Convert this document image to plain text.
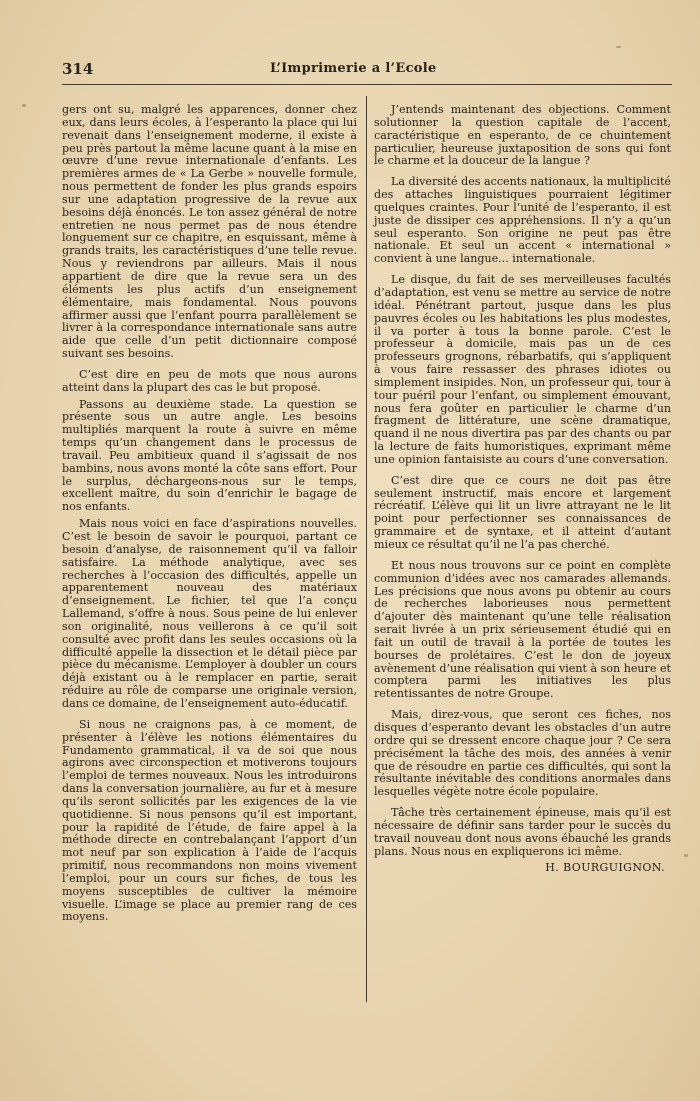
314	L’Imprimerie a l’Ecole

gers ont su, malgré les apparences, donner chez eux, dans leurs écoles, à l’esperanto la place qui lui revenait dans l’enseignement moderne, il existe à peu près partout la même lacune quant à la mise en œuvre d’une revue internationale d’enfants. Les premières armes de « La Gerbe » nouvelle formule, nous permettent de fonder les plus grands espoirs sur une adaptation progressive de la revue aux besoins déjà énoncés. Le ton assez général de notre entretien ne nous permet pas de nous étendre longuement sur ce chapitre, en esquissant, même à grands traits, les caractéristiques d’une telle revue. Nous y reviendrons par ailleurs. Mais il nous appartient de dire que la revue sera un des éléments les plus actifs d’un enseignement élémentaire, mais fondamental. Nous pouvons affirmer aussi que l’enfant pourra parallèlement se livrer à la correspondance internationale sans autre aide que celle d’un petit dictionnaire composé suivant ses besoins.

C’est dire en peu de mots que nous aurons atteint dans la plupart des cas le but proposé.

Passons au deuxième stade. La question se présente sous un autre angle. Les besoins multipliés marquent la route à suivre en même temps qu’un changement dans le processus de travail. Peu ambitieux quand il s’agissait de nos bambins, nous avons monté la côte sans effort. Pour le surplus, déchargeons-nous sur le temps, excellent maître, du soin d’enrichir le bagage de nos enfants.

Mais nous voici en face d’aspirations nouvelles. C’est le besoin de savoir le pourquoi, partant ce besoin d’analyse, de raisonnement qu’il va falloir satisfaire. La méthode analytique, avec ses recherches à l’occasion des difficultés, appelle un apparentement nouveau des matériaux d’enseignement. Le fichier, tel que l’a conçu Lallemand, s’offre à nous. Sous peine de lui enlever son originalité, nous veillerons à ce qu’il soit consulté avec profit dans les seules occasions où la difficulté appelle la dissection et le détail pièce par pièce du mécanisme. L’employer à doubler un cours déjà existant ou à le remplacer en partie, serait réduire au rôle de comparse une originale version, dans ce domaine, de l’enseignement auto-éducatif.

Si nous ne craignons pas, à ce moment, de présenter à l’élève les notions élémentaires du Fundamento grammatical, il va de soi que nous agirons avec circonspection et motiverons toujours l’emploi de termes nouveaux. Nous les introduirons dans la conversation journalière, au fur et à mesure qu’ils seront sollicités par les exigences de la vie quotidienne. Si nous pensons qu’il est important, pour la rapidité de l’étude, de faire appel à la méthode directe en contrebalançant l’apport d’un mot neuf par son explication à l’aide de l’acquis primitif, nous recommandons non moins vivement l’emploi, pour un cours sur fiches, de tous les moyens susceptibles de cultiver la mémoire visuelle. L’image se place au premier rang de ces moyens.

J’entends maintenant des objections. Comment solutionner la question capitale de l’accent, caractéristique en esperanto, de ce chuintement particulier, heureuse juxtaposition de sons qui font le charme et la douceur de la langue ?

La diversité des accents nationaux, la multiplicité des attaches linguistiques pourraient légitimer quelques craintes. Pour l’unité de l’esperanto, il est juste de dissiper ces appréhensions. Il n’y a qu’un seul esperanto. Son origine ne peut pas être nationale. Et seul un accent « international » convient à une langue... internationale.

Le disque, du fait de ses merveilleuses facultés d’adaptation, est venu se mettre au service de notre idéal. Pénétrant partout, jusque dans les plus pauvres écoles ou les habitations les plus modestes, il va porter à tous la bonne parole. C’est le professeur à domicile, mais pas un de ces professeurs grognons, rébarbatifs, qui s’appliquent à vous faire ressasser des phrases idiotes ou simplement insipides. Non, un professeur qui, tour à tour puéril pour l’enfant, ou simplement émouvant, nous fera goûter en particulier le charme d’un fragment de littérature, une scène dramatique, quand il ne nous divertira pas par des chants ou par la lecture de faits humoristiques, exprimant même une opinion fantaisiste au cours d’une conversation.

C’est dire que ce cours ne doit pas être seulement instructif, mais encore et largement récréatif. L’élève qui lit un livre attrayant ne le lit point pour perfectionner ses connaissances de grammaire et de syntaxe, et il atteint d’autant mieux ce résultat qu’il ne l’a pas cherché.

Et nous nous trouvons sur ce point en complète communion d’idées avec nos camarades allemands. Les précisions que nous avons pu obtenir au cours de recherches laborieuses nous permettent d’ajouter dès maintenant qu’une telle réalisation serait livrée à un prix sérieusement étudié qui en fait un outil de travail à la portée de toutes les bourses de prolétaires. C’est le don de joyeux avènement d’une réalisation qui vient à son heure et comptera parmi les initiatives les plus retentissantes de notre Groupe.

Mais, direz-vous, que seront ces fiches, nos disques d’esperanto devant les obstacles d’un autre ordre qui se dressent encore chaque jour ? Ce sera précisément la tâche des mois, des années à venir que de résoudre en partie ces difficultés, qui sont la résultante inévitable des conditions anormales dans lesquelles végète notre école populaire.

Tâche très certainement épineuse, mais qu’il est nécessaire de définir sans tarder pour le succès du travail nouveau dont nous avons ébauché les grands plans. Nous nous en expliquerons ici même.

H. BOURGUIGNON.
